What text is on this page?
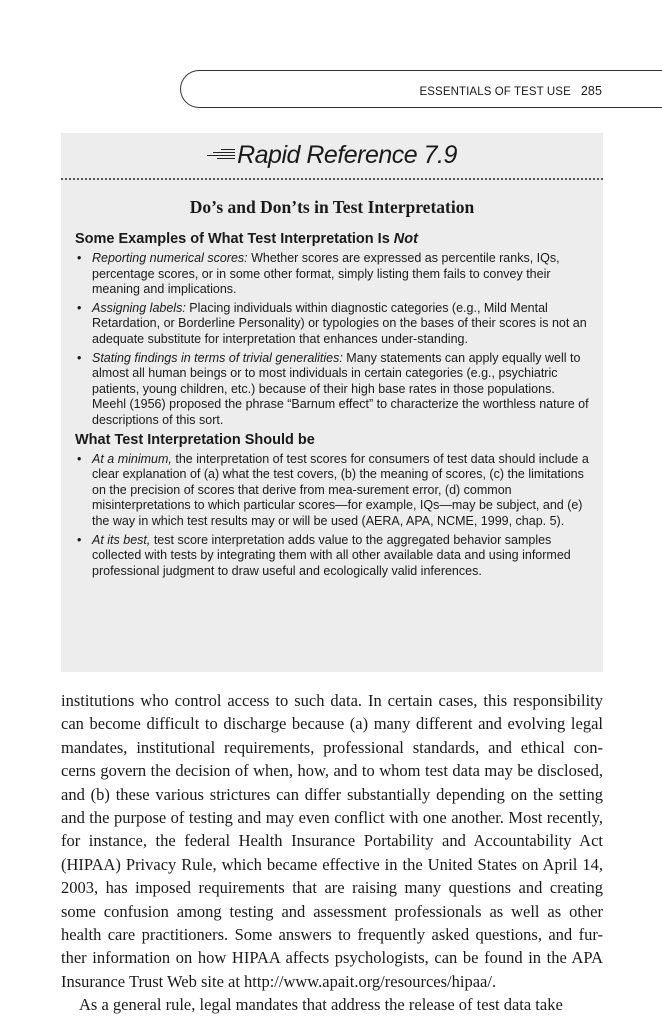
ESSENTIALS OF TEST USE 285
Rapid Reference 7.9
Do’s and Don’ts in Test Interpretation
Some Examples of What Test Interpretation Is Not
• Reporting numerical scores: Whether scores are expressed as percentile ranks, IQs, percentage scores, or in some other format, simply listing them fails to convey their meaning and implications.
• Assigning labels: Placing individuals within diagnostic categories (e.g., Mild Mental Retardation, or Borderline Personality) or typologies on the bases of their scores is not an adequate substitute for interpretation that enhances under-standing.
• Stating findings in terms of trivial generalities: Many statements can apply equally well to almost all human beings or to most individuals in certain categories (e.g., psychiatric patients, young children, etc.) because of their high base rates in those populations. Meehl (1956) proposed the phrase “Barnum effect” to characterize the worthless nature of descriptions of this sort.
What Test Interpretation Should be
• At a minimum, the interpretation of test scores for consumers of test data should include a clear explanation of (a) what the test covers, (b) the meaning of scores, (c) the limitations on the precision of scores that derive from mea-surement error, (d) common misinterpretations to which particular scores—for example, IQs—may be subject, and (e) the way in which test results may or will be used (AERA, APA, NCME, 1999, chap. 5).
• At its best, test score interpretation adds value to the aggregated behavior samples collected with tests by integrating them with all other available data and using informed professional judgment to draw useful and ecologically valid inferences.

institutions who control access to such data. In certain cases, this responsibility can become difficult to discharge because (a) many different and evolving legal mandates, institutional requirements, professional standards, and ethical con-cerns govern the decision of when, how, and to whom test data may be disclosed, and (b) these various strictures can differ substantially depending on the setting and the purpose of testing and may even conflict with one another. Most recently, for instance, the federal Health Insurance Portability and Accountability Act (HIPAA) Privacy Rule, which became effective in the United States on April 14, 2003, has imposed requirements that are raising many questions and creating some confusion among testing and assessment professionals as well as other health care practitioners. Some answers to frequently asked questions, and fur-ther information on how HIPAA affects psychologists, can be found in the APA Insurance Trust Web site at http://www.apait.org/resources/hipaa/.

As a general rule, legal mandates that address the release of test data take
